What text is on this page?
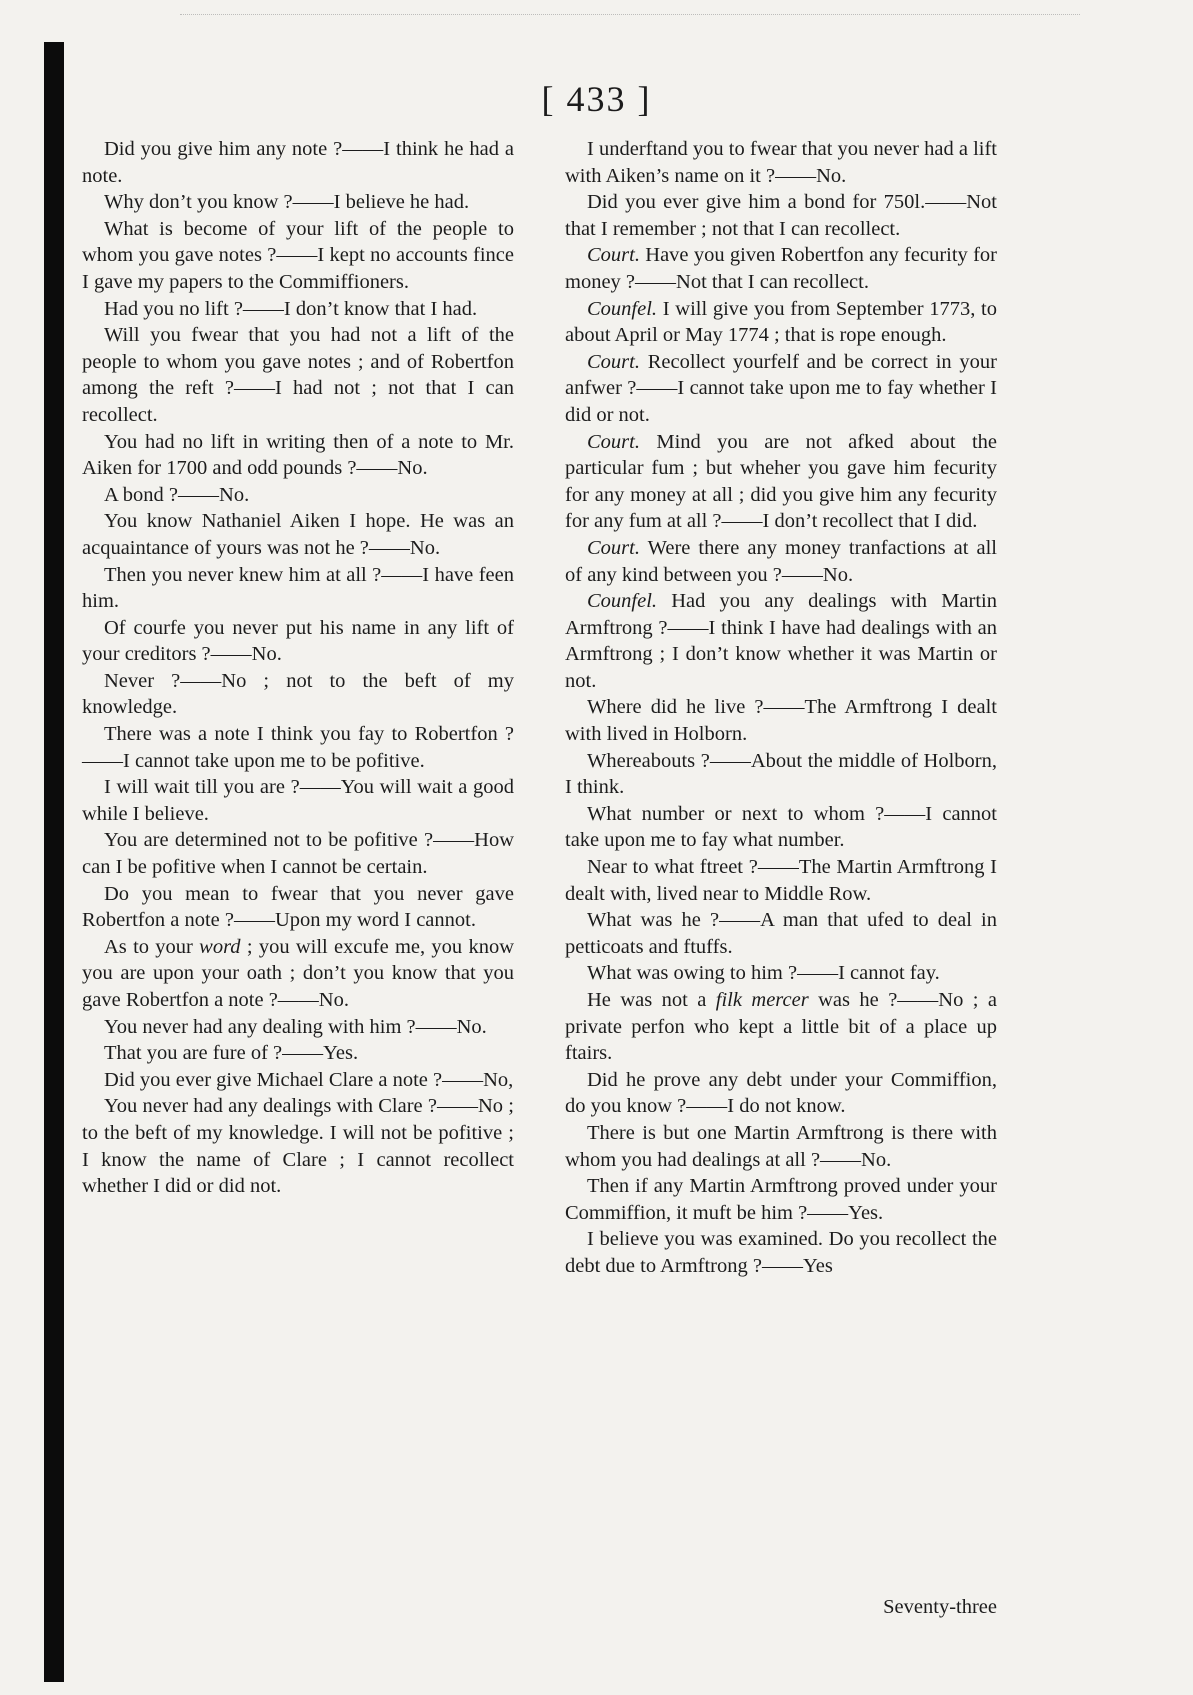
[ 433 ]

Did you give him any note ?——I think he had a note.

Why don’t you know ?——I believe he had.

What is become of your lift of the people to whom you gave notes ?——I kept no accounts fince I gave my papers to the Commiffioners.

Had you no lift ?——I don’t know that I had.

Will you fwear that you had not a lift of the people to whom you gave notes ; and of Robertfon among the reft ?——I had not ; not that I can recollect.

You had no lift in writing then of a note to Mr. Aiken for 1700 and odd pounds ?——No.

A bond ?——No.

You know Nathaniel Aiken I hope. He was an acquaintance of yours was not he ?——No.

Then you never knew him at all ?——I have feen him.

Of courfe you never put his name in any lift of your creditors ?——No.

Never ?——No ; not to the beft of my knowledge.

There was a note I think you fay to Robertfon ?——I cannot take upon me to be pofitive.

I will wait till you are ?——You will wait a good while I believe.

You are determined not to be pofitive ?——How can I be pofitive when I cannot be certain.

Do you mean to fwear that you never gave Robertfon a note ?——Upon my word I cannot.

As to your word ; you will excufe me, you know you are upon your oath ; don’t you know that you gave Robertfon a note ?——No.

You never had any dealing with him ?——No.

That you are fure of ?——Yes.

Did you ever give Michael Clare a note ?——No,

You never had any dealings with Clare ?——No ; to the beft of my knowledge. I will not be pofitive ; I know the name of Clare ; I cannot recollect whether I did or did not.

I underftand you to fwear that you never had a lift with Aiken’s name on it ?——No.

Did you ever give him a bond for 750l.——Not that I remember ; not that I can recollect.

Court. Have you given Robertfon any fecurity for money ?——Not that I can recollect.

Counfel. I will give you from September 1773, to about April or May 1774 ; that is rope enough.

Court. Recollect yourfelf and be correct in your anfwer ?——I cannot take upon me to fay whether I did or not.

Court. Mind you are not afked about the particular fum ; but wheher you gave him fecurity for any money at all ; did you give him any fecurity for any fum at all ?——I don’t recollect that I did.

Court. Were there any money tranfactions at all of any kind between you ?——No.

Counfel. Had you any dealings with Martin Armftrong ?——I think I have had dealings with an Armftrong ; I don’t know whether it was Martin or not.

Where did he live ?——The Armftrong I dealt with lived in Holborn.

Whereabouts ?——About the middle of Holborn, I think.

What number or next to whom ?——I cannot take upon me to fay what number.

Near to what ftreet ?——The Martin Armftrong I dealt with, lived near to Middle Row.

What was he ?——A man that ufed to deal in petticoats and ftuffs.

What was owing to him ?——I cannot fay.

He was not a filk mercer was he ?——No ; a private perfon who kept a little bit of a place up ftairs.

Did he prove any debt under your Commiffion, do you know ?——I do not know.

There is but one Martin Armftrong is there with whom you had dealings at all ?——No.

Then if any Martin Armftrong proved under your Commiffion, it muft be him ?——Yes.

I believe you was examined. Do you recollect the debt due to Armftrong ?——Yes

Seventy-three
